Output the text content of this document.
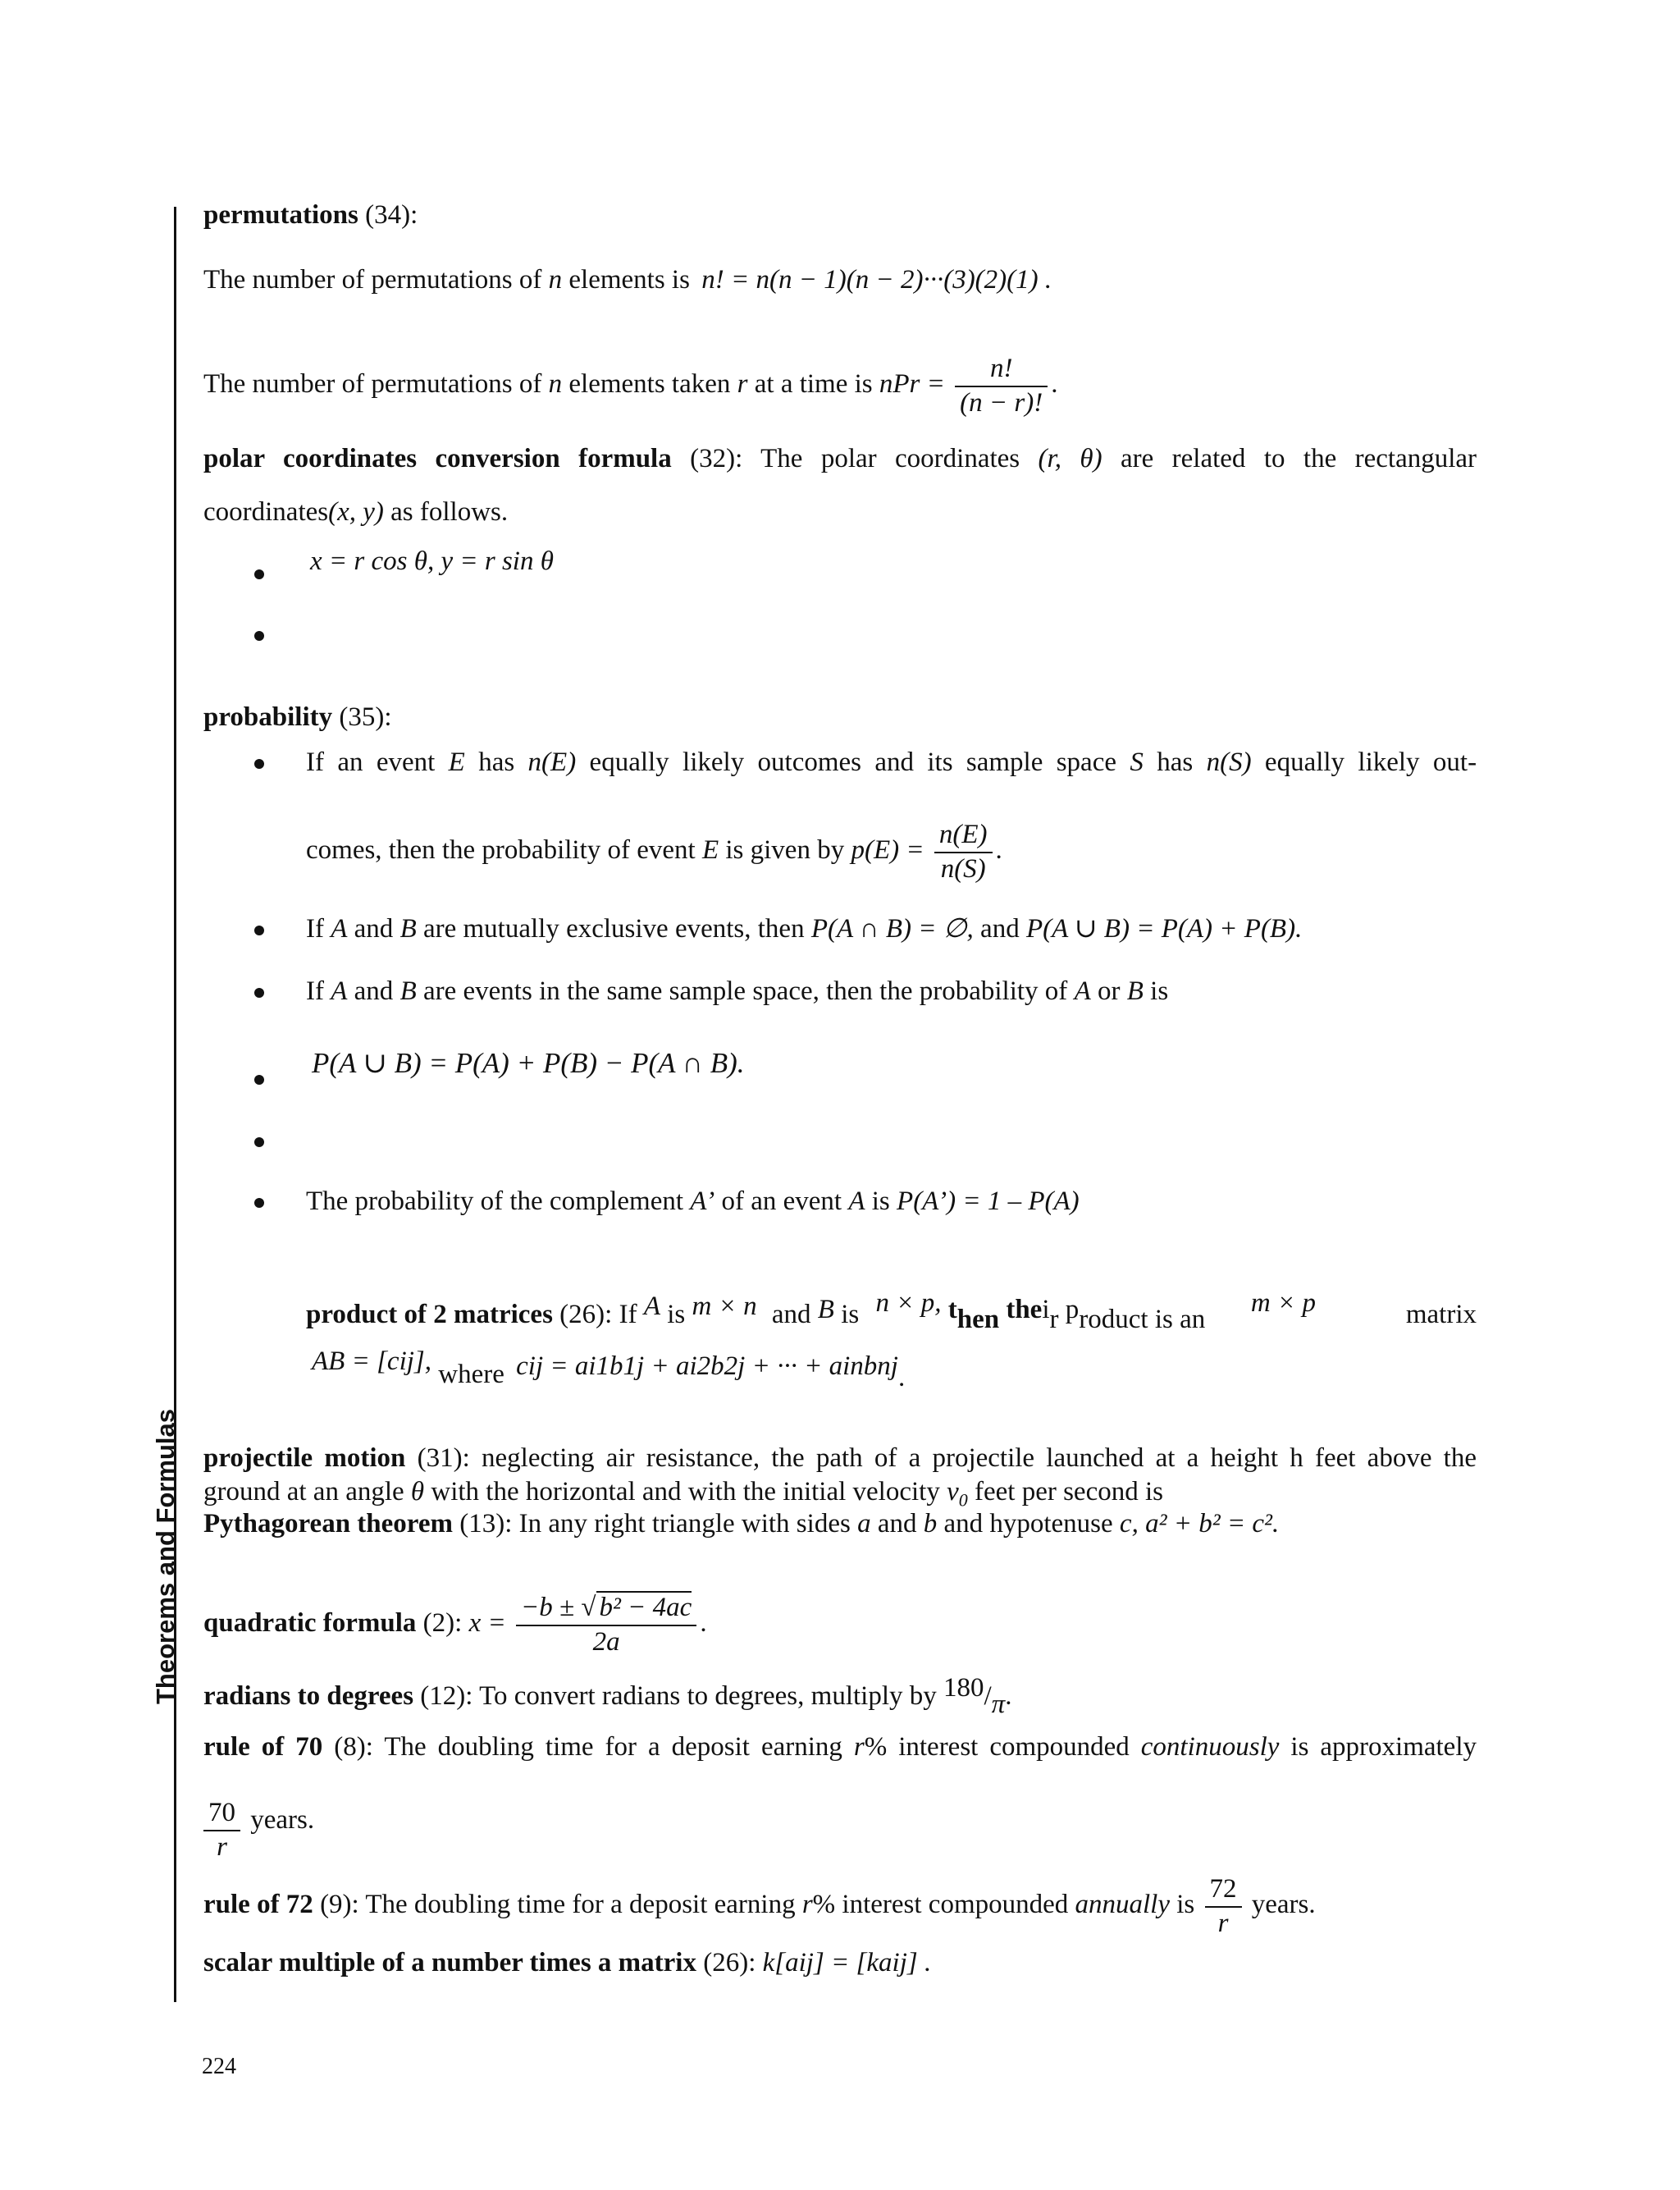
Theorems and Formulas
permutations (34):
The number of permutations of n elements is n! = n(n − 1)(n − 2)···(3)(2)(1) .
The number of permutations of n elements taken r at a time is nPr = $\frac{n!}{(n - r)!}$ .
polar coordinates conversion formula (32): The polar coordinates (r, θ) are related to the rectangular
coordinates(x, y) as follows.
x = r cos θ, y = r sin θ
probability (35):
If an event E has n(E) equally likely outcomes and its sample space S has n(S) equally likely out-
comes, then the probability of event E is given by $p(E) = \frac{n(E)}{n(S)}$ .
If A and B are mutually exclusive events, then P(A ∩ B) = ∅, and P(A ∪ B) = P(A) + P(B).
If A and B are events in the same sample space, then the probability of A or B is
P(A ∪ B) = P(A) + P(B) − P(A ∩ B).
The probability of the complement A’ of an event A is P(A’) = 1 – P(A)
product of 2 matrices (26): If A is m × n and B is n × p, then their product is an
m × p	matrix
AB = [cij], where cij = ai1b1j + ai2b2j + ··· + ainbnj.
projectile motion (31): neglecting air resistance, the path of a projectile launched at a height h feet above the
ground at an angle θ with the horizontal and with the initial velocity $v_0$ feet per second is
Pythagorean theorem (13): In any right triangle with sides a and b and hypotenuse c, a² + b² = c².
quadratic formula (2): $x = \frac{\text{−b ± √ b² − 4ac}}{2a}$ .
radians to degrees (12): To convert radians to degrees, multiply by 180/π.
rule of 70 (8): The doubling time for a deposit earning r% interest compounded continuously is approximately
$\frac{70}{r}$ years.
rule of 72 (9): The doubling time for a deposit earning r% interest compounded annually is $\frac{72}{r}$ years.
scalar multiple of a number times a matrix (26): k[aij] = [kaij] .
224
